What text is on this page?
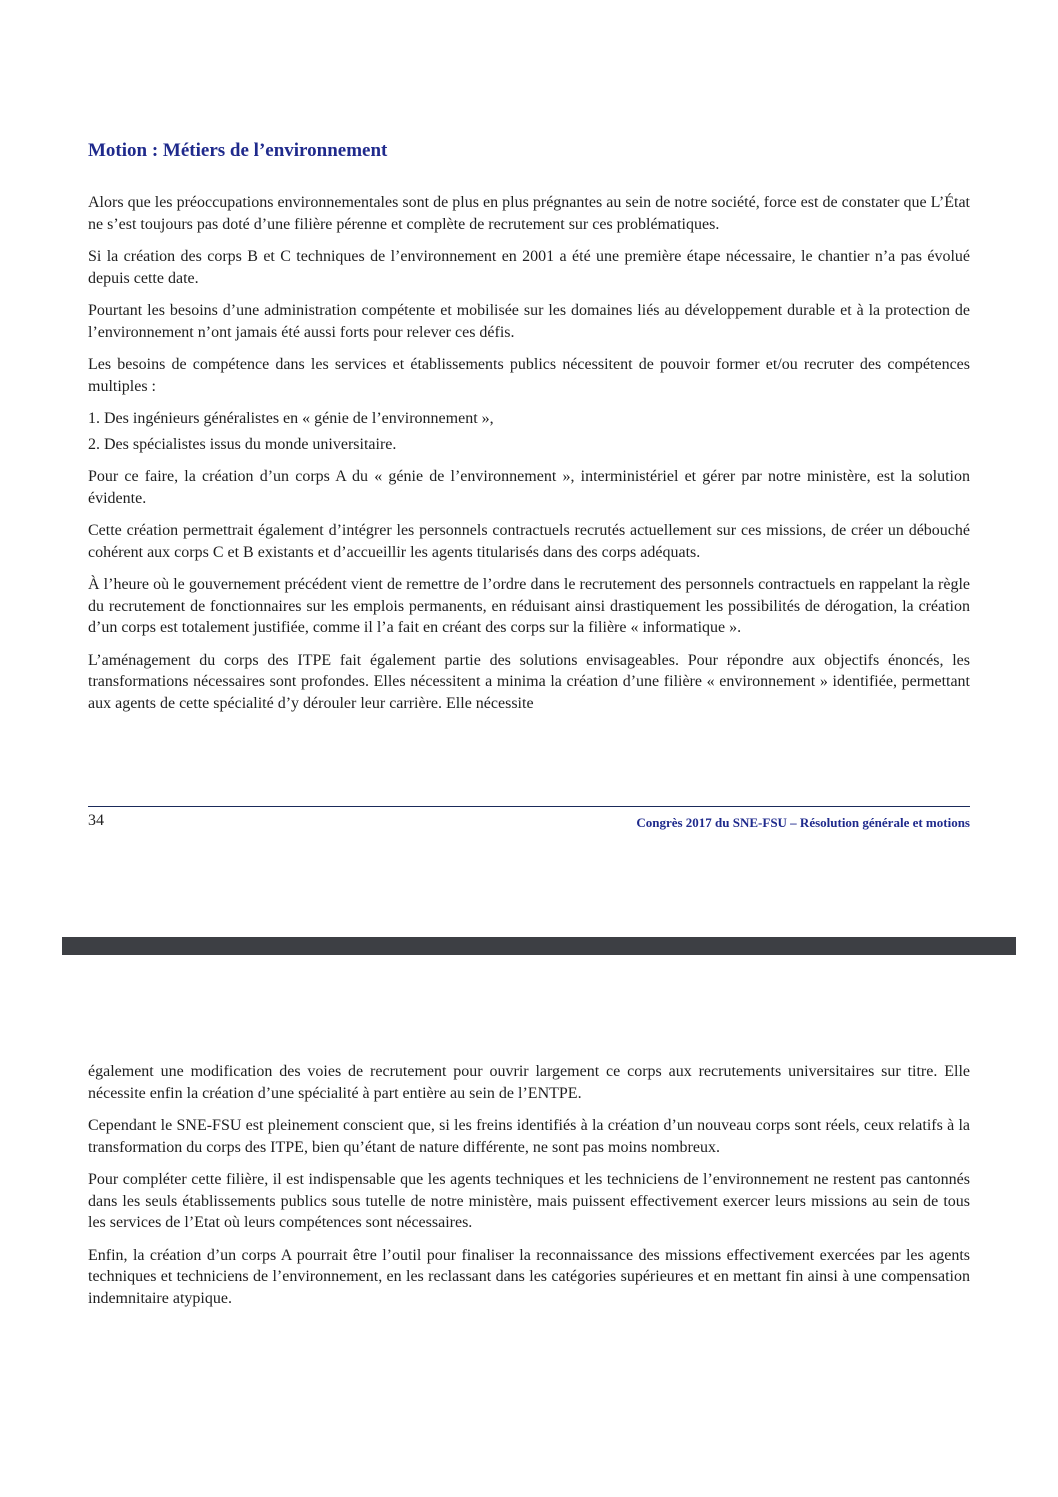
Motion : Métiers de l’environnement

Alors que les préoccupations environnementales sont de plus en plus prégnantes au sein de notre société, force est de constater que L’État ne s’est toujours pas doté d’une filière pérenne et complète de recrutement sur ces problématiques.

Si la création des corps B et C techniques de l’environnement en 2001 a été une première étape nécessaire, le chantier n’a pas évolué depuis cette date.

Pourtant les besoins d’une administration compétente et mobilisée sur les domaines liés au développement durable et à la protection de l’environnement n’ont jamais été aussi forts pour relever ces défis.

Les besoins de compétence dans les services et établissements publics nécessitent de pouvoir former et/ou recruter des compétences multiples :

1. Des ingénieurs généralistes en « génie de l’environnement »,
2. Des spécialistes issus du monde universitaire.

Pour ce faire, la création d’un corps A du « génie de l’environnement », interministériel et gérer par notre ministère, est la solution évidente.

Cette création permettrait également d’intégrer les personnels contractuels recrutés actuellement sur ces missions, de créer un débouché cohérent aux corps C et B existants et d’accueillir les agents titularisés dans des corps adéquats.

À l’heure où le gouvernement précédent vient de remettre de l’ordre dans le recrutement des personnels contractuels en rappelant la règle du recrutement de fonctionnaires sur les emplois permanents, en réduisant ainsi drastiquement les possibilités de dérogation, la création d’un corps est totalement justifiée, comme il l’a fait en créant des corps sur la filière « informatique ».

L’aménagement du corps des ITPE fait également partie des solutions envisageables. Pour répondre aux objectifs énoncés, les transformations nécessaires sont profondes. Elles nécessitent a minima la création d’une filière « environnement » identifiée, permettant aux agents de cette spécialité d’y dérouler leur carrière. Elle nécessite

34	Congrès 2017 du SNE-FSU – Résolution générale et motions

également une modification des voies de recrutement pour ouvrir largement ce corps aux recrutements universitaires sur titre. Elle nécessite enfin la création d’une spécialité à part entière au sein de l’ENTPE.

Cependant le SNE-FSU est pleinement conscient que, si les freins identifiés à la création d’un nouveau corps sont réels, ceux relatifs à la transformation du corps des ITPE, bien qu’étant de nature différente, ne sont pas moins nombreux.

Pour compléter cette filière, il est indispensable que les agents techniques et les techniciens de l’environnement ne restent pas cantonnés dans les seuls établissements publics sous tutelle de notre ministère, mais puissent effectivement exercer leurs missions au sein de tous les services de l’Etat où leurs compétences sont nécessaires.

Enfin, la création d’un corps A pourrait être l’outil pour finaliser la reconnaissance des missions effectivement exercées par les agents techniques et techniciens de l’environnement, en les reclassant dans les catégories supérieures et en mettant fin ainsi à une compensation indemnitaire atypique.
